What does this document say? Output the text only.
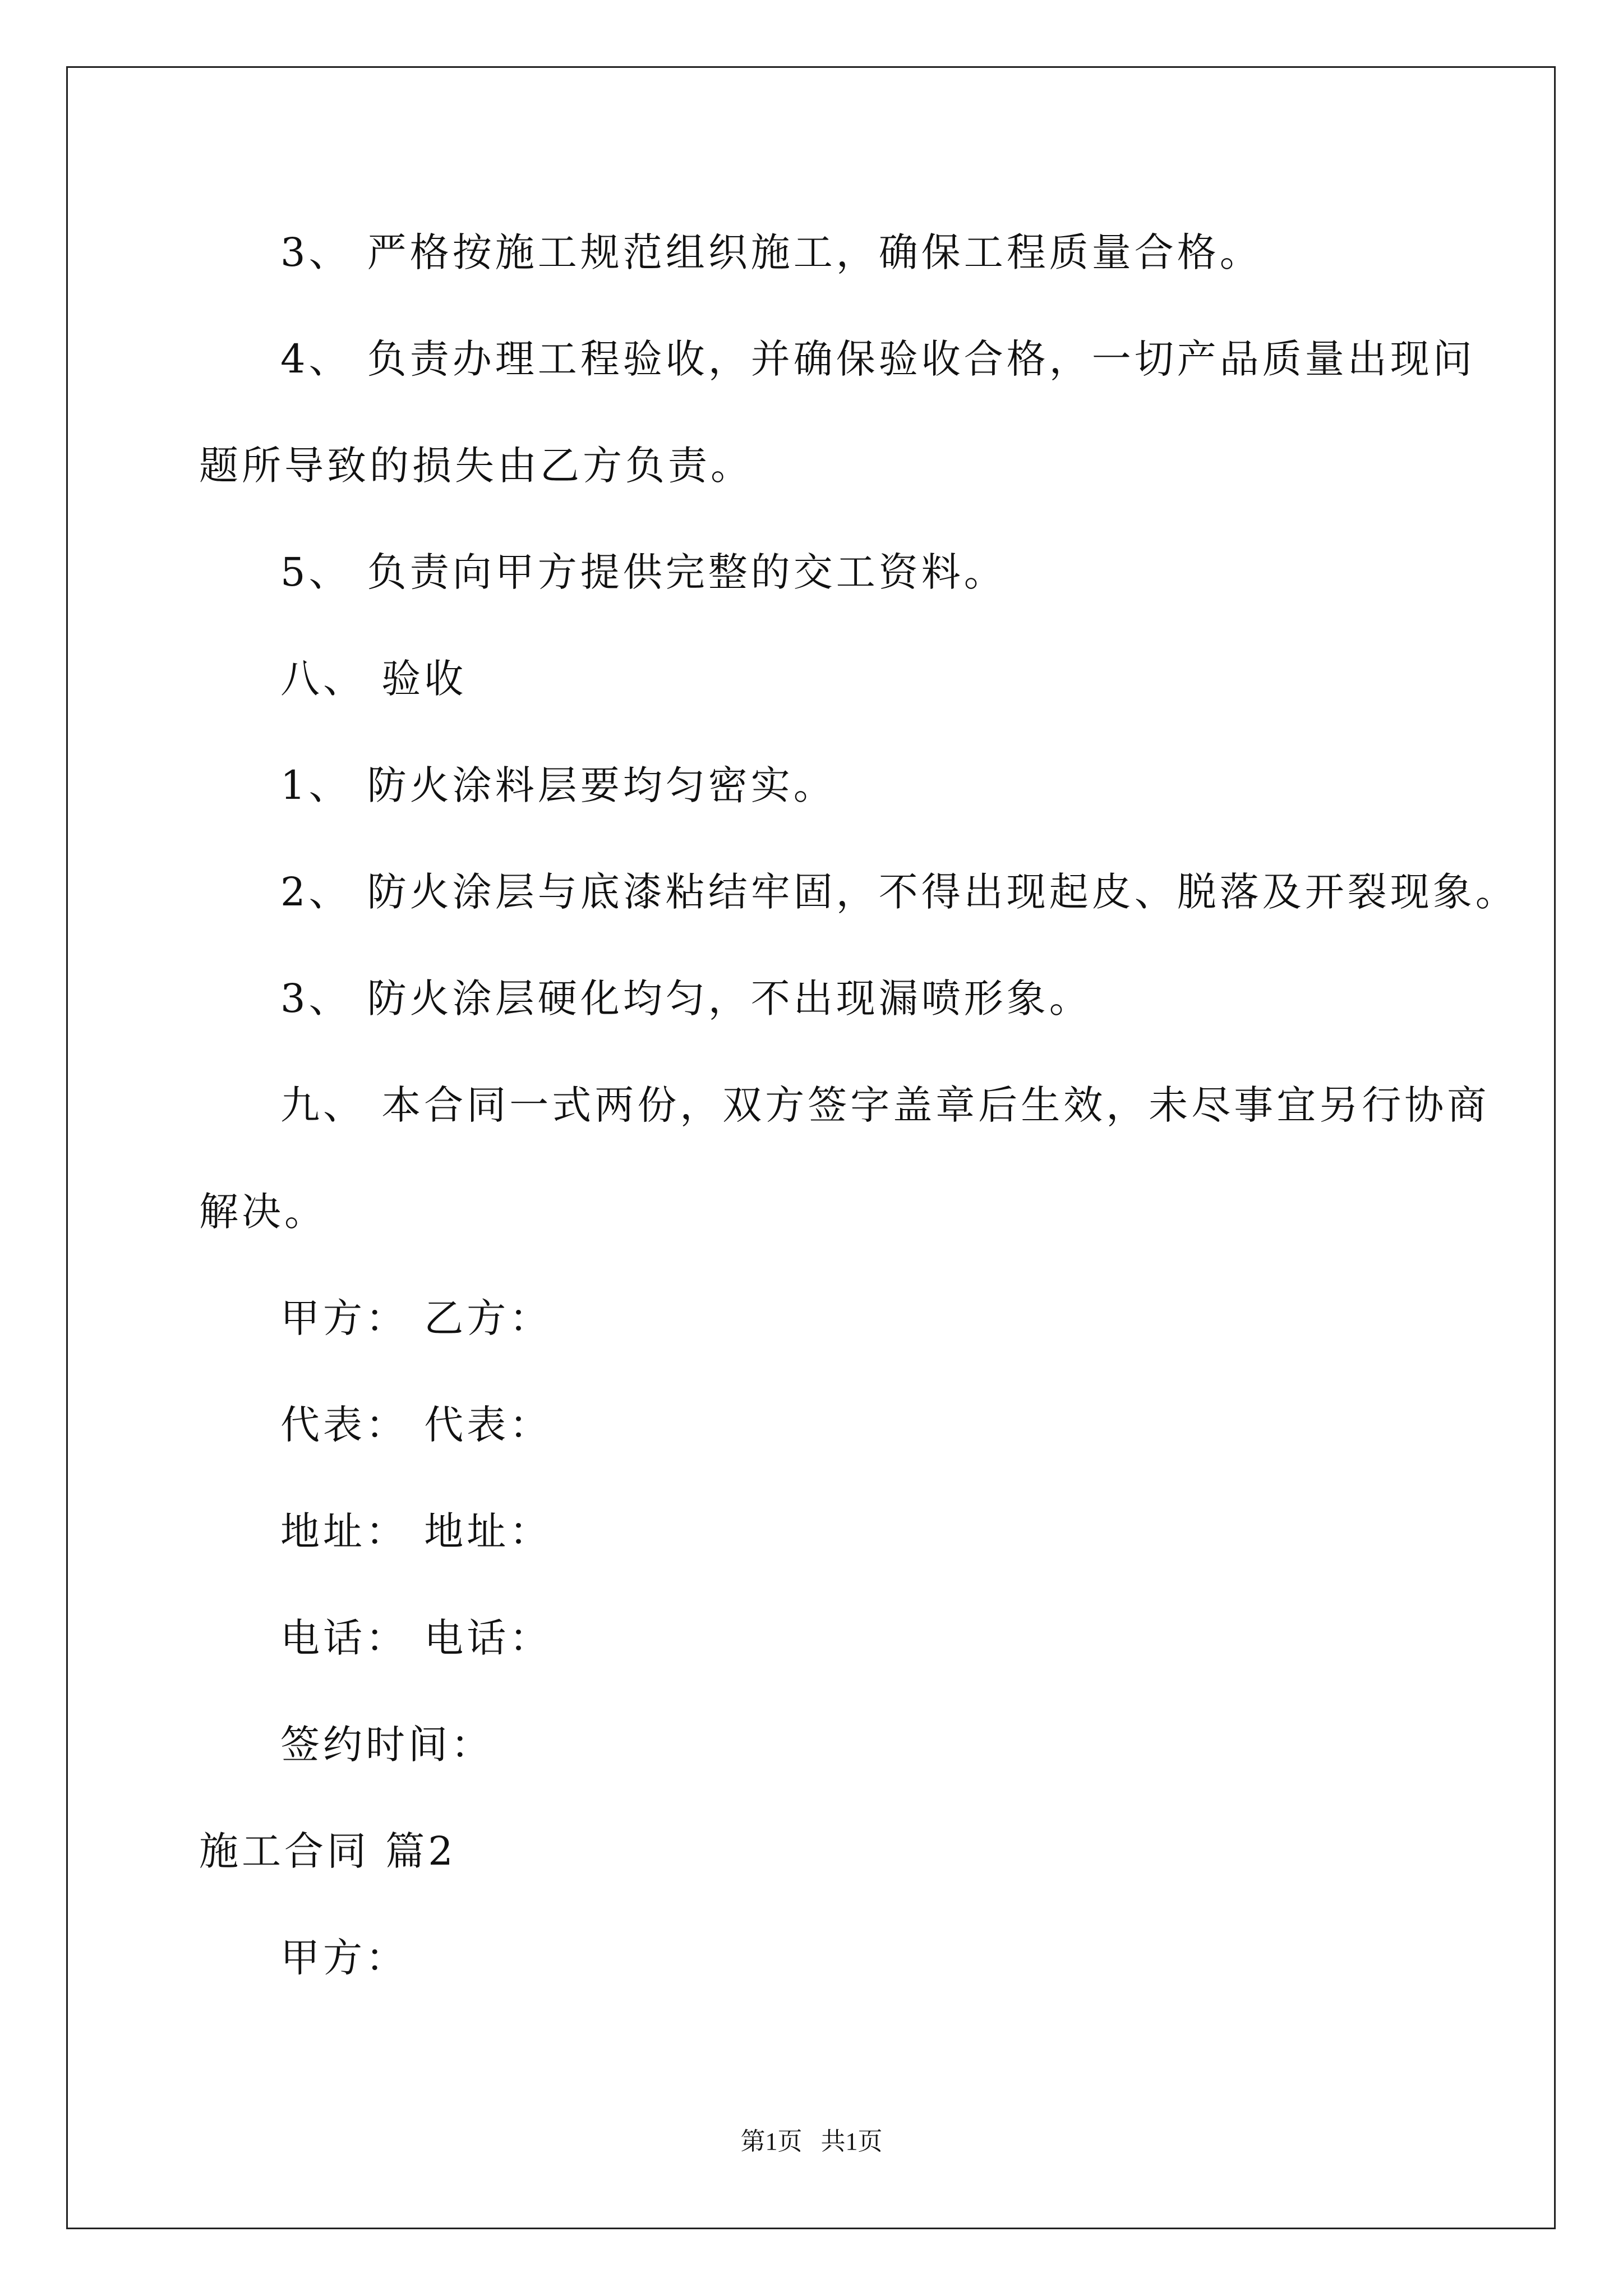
3、 严格按施工规范组织施工，确保工程质量合格。
4、 负责办理工程验收，并确保验收合格，一切产品质量出现问
题所导致的损失由乙方负责。
5、 负责向甲方提供完整的交工资料。
八、 验收
1、 防火涂料层要均匀密实。
2、 防火涂层与底漆粘结牢固，不得出现起皮、脱落及开裂现象。
3、 防火涂层硬化均匀，不出现漏喷形象。
九、 本合同一式两份，双方签字盖章后生效，未尽事宜另行协商
解决。
甲方： 乙方：
代表： 代表：
地址： 地址：
电话： 电话：
签约时间：
施工合同 篇2
甲方：
第1页   共1页
